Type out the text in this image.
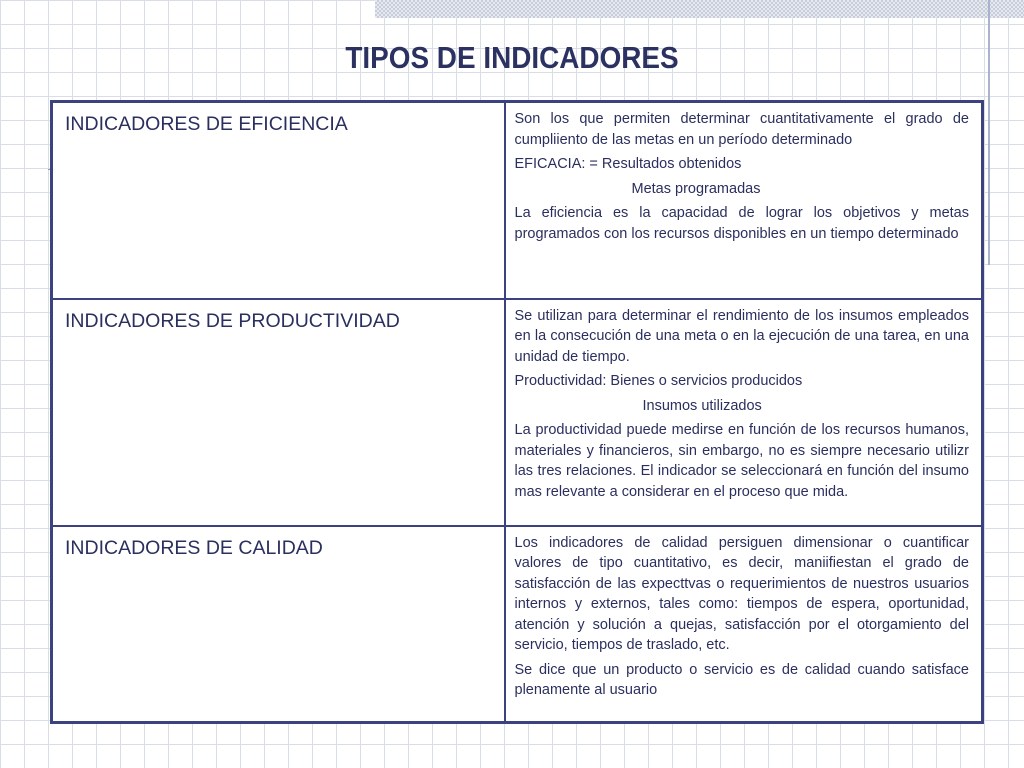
TIPOS DE INDICADORES
INDICADORES DE EFICIENCIA	Son los que permiten determinar cuantitativamente el grado de cumpliiento de las metas en un período determinado
EFICACIA: = Resultados obtenidos
Metas programadas
La eficiencia es la capacidad de lograr los objetivos y metas programados con los recursos disponibles en un tiempo determinado

INDICADORES DE PRODUCTIVIDAD	Se utilizan para determinar el rendimiento de los insumos empleados en la consecución de una meta o en la ejecución de una tarea, en una unidad de tiempo.
Productividad: Bienes o servicios producidos
Insumos utilizados
La productividad puede medirse en función de los recursos humanos, materiales y financieros, sin embargo, no es siempre necesario utilizr las tres relaciones. El indicador se seleccionará en función del insumo mas relevante a considerar en el proceso que mida.

INDICADORES DE CALIDAD	Los indicadores de calidad persiguen dimensionar o cuantificar valores de tipo cuantitativo, es decir, maniifiestan el grado de satisfacción de las expecttvas o requerimientos de nuestros usuarios internos y externos, tales como: tiempos de espera, oportunidad, atención y solución a quejas, satisfacción por el otorgamiento del servicio, tiempos de traslado, etc.
Se dice que un producto o servicio es de calidad cuando satisface plenamente al usuario
